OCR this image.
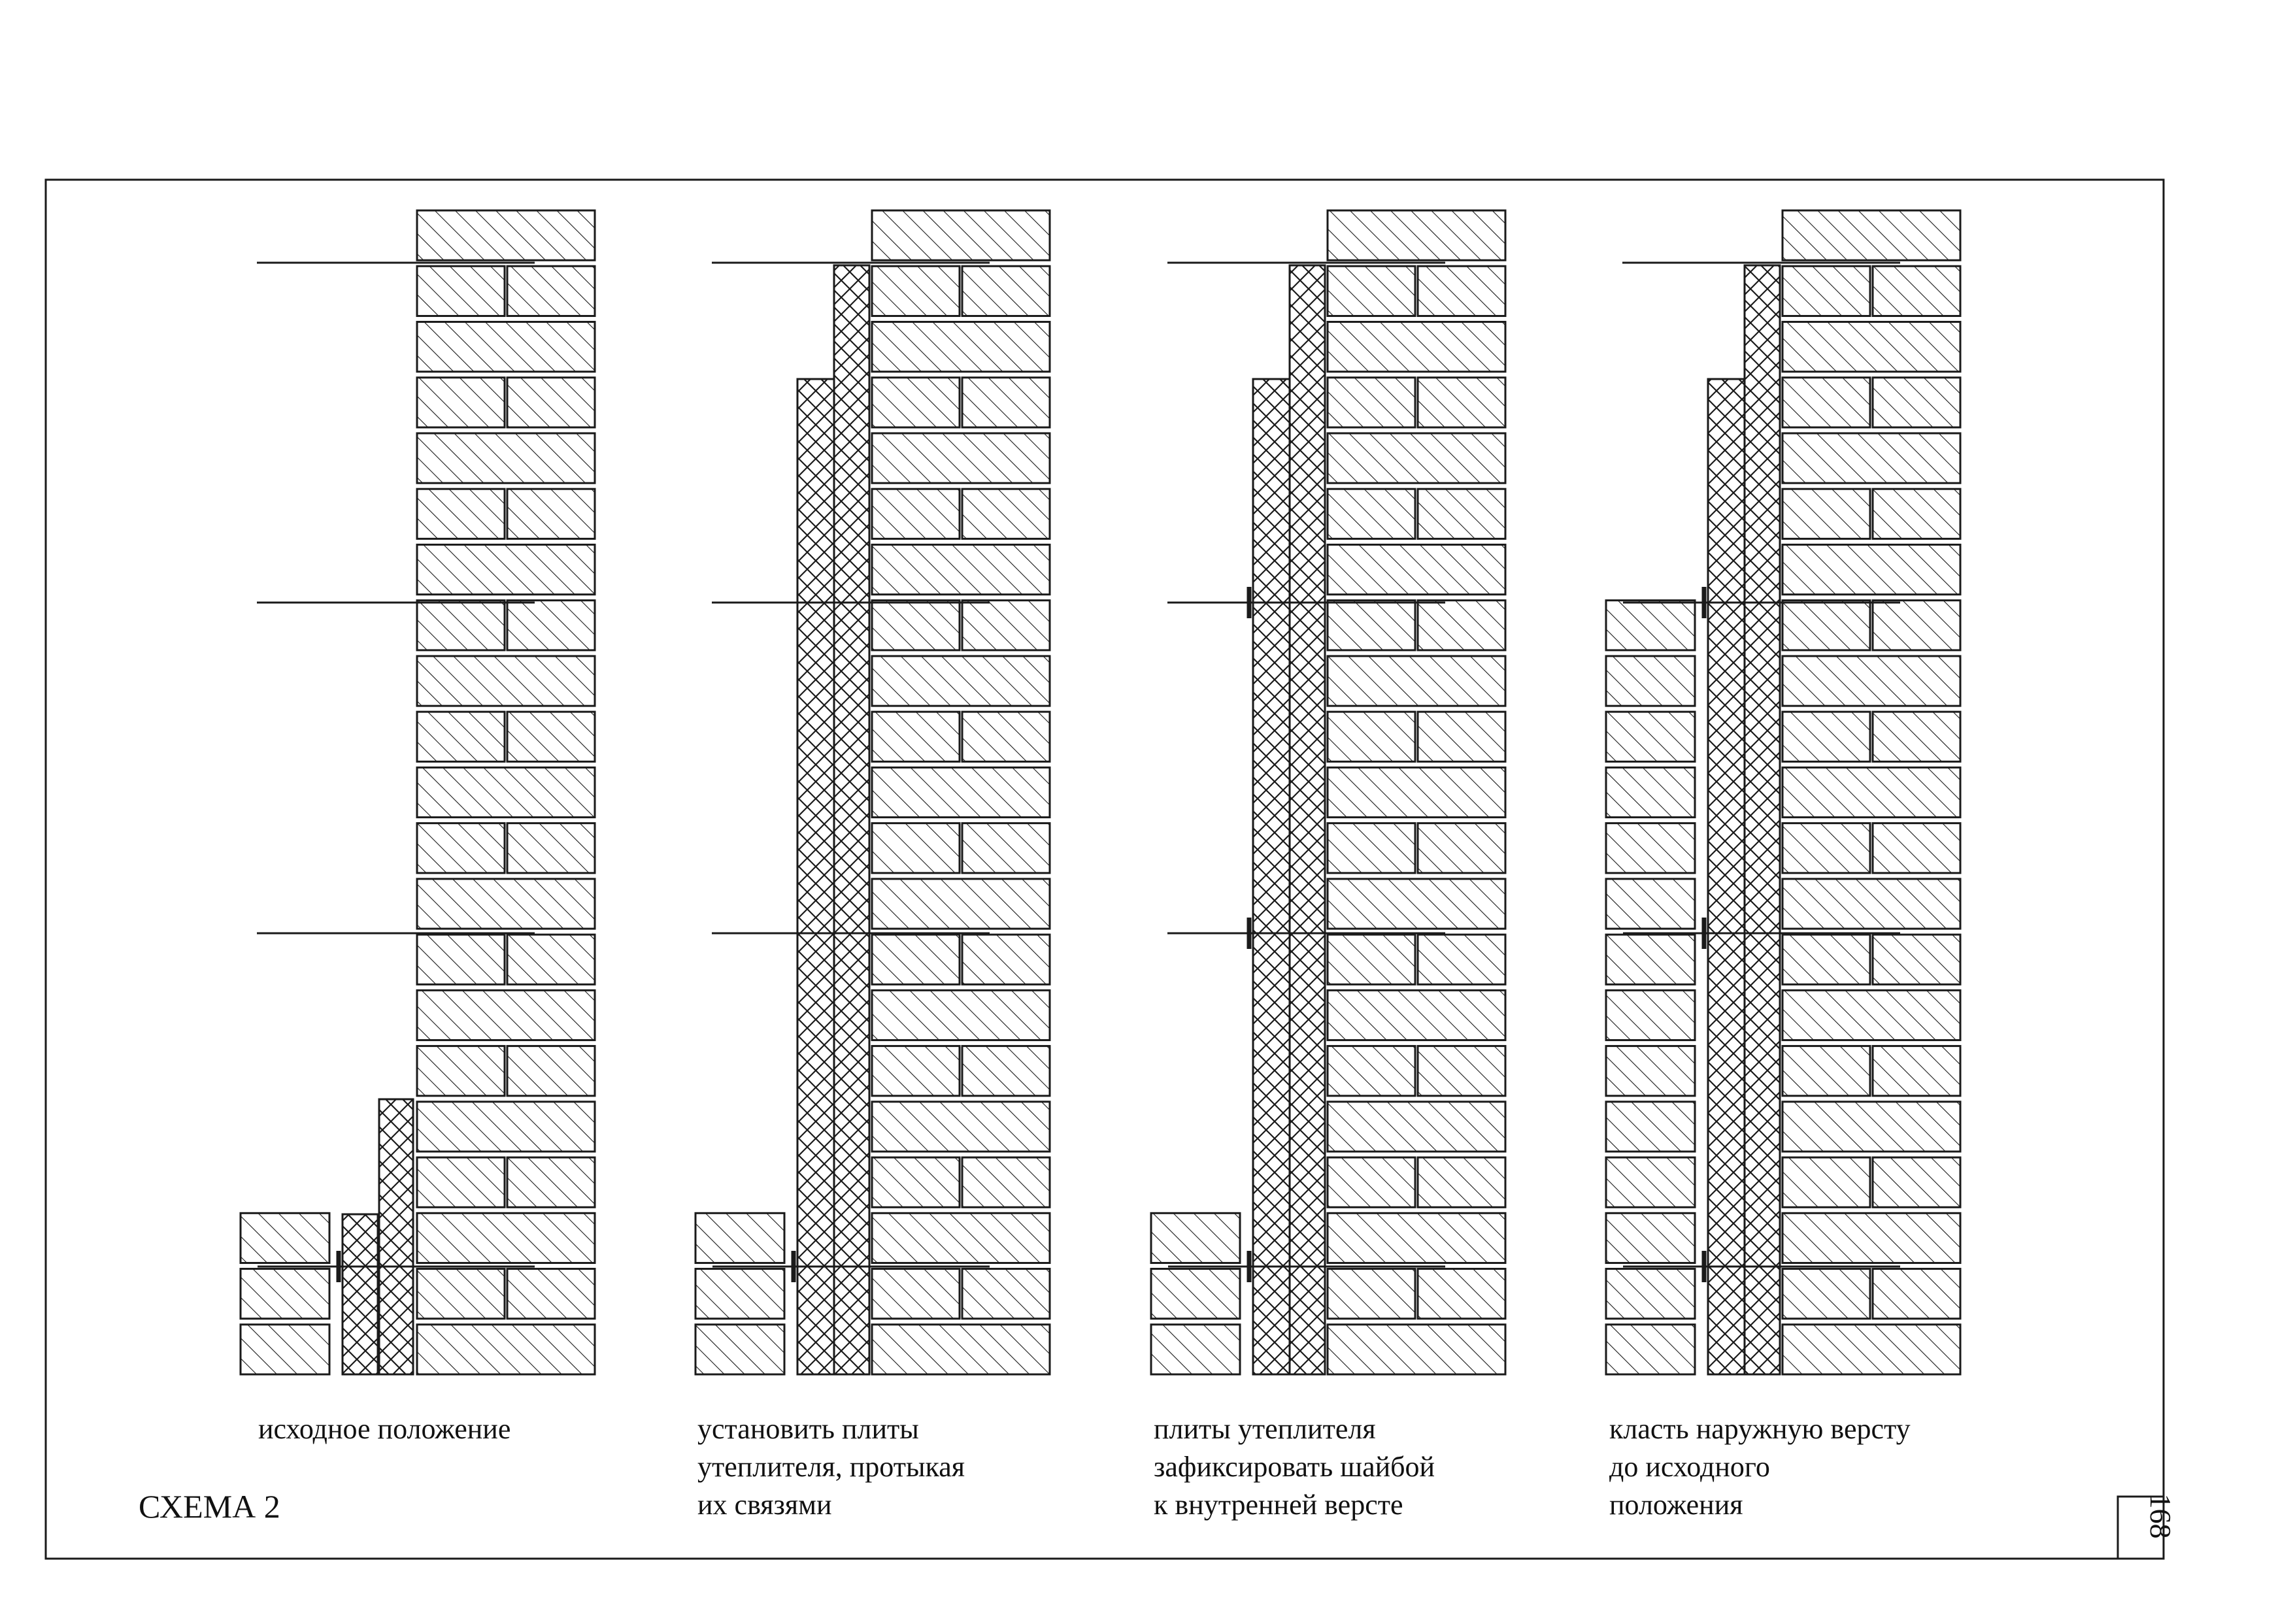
СХЕМА 2	168
исходное положение	установить плиты
утеплителя, протыкая
их связями
плиты утеплителя
зафиксировать шайбой
к внутренней версте
класть наружную версту
до исходного
положения
